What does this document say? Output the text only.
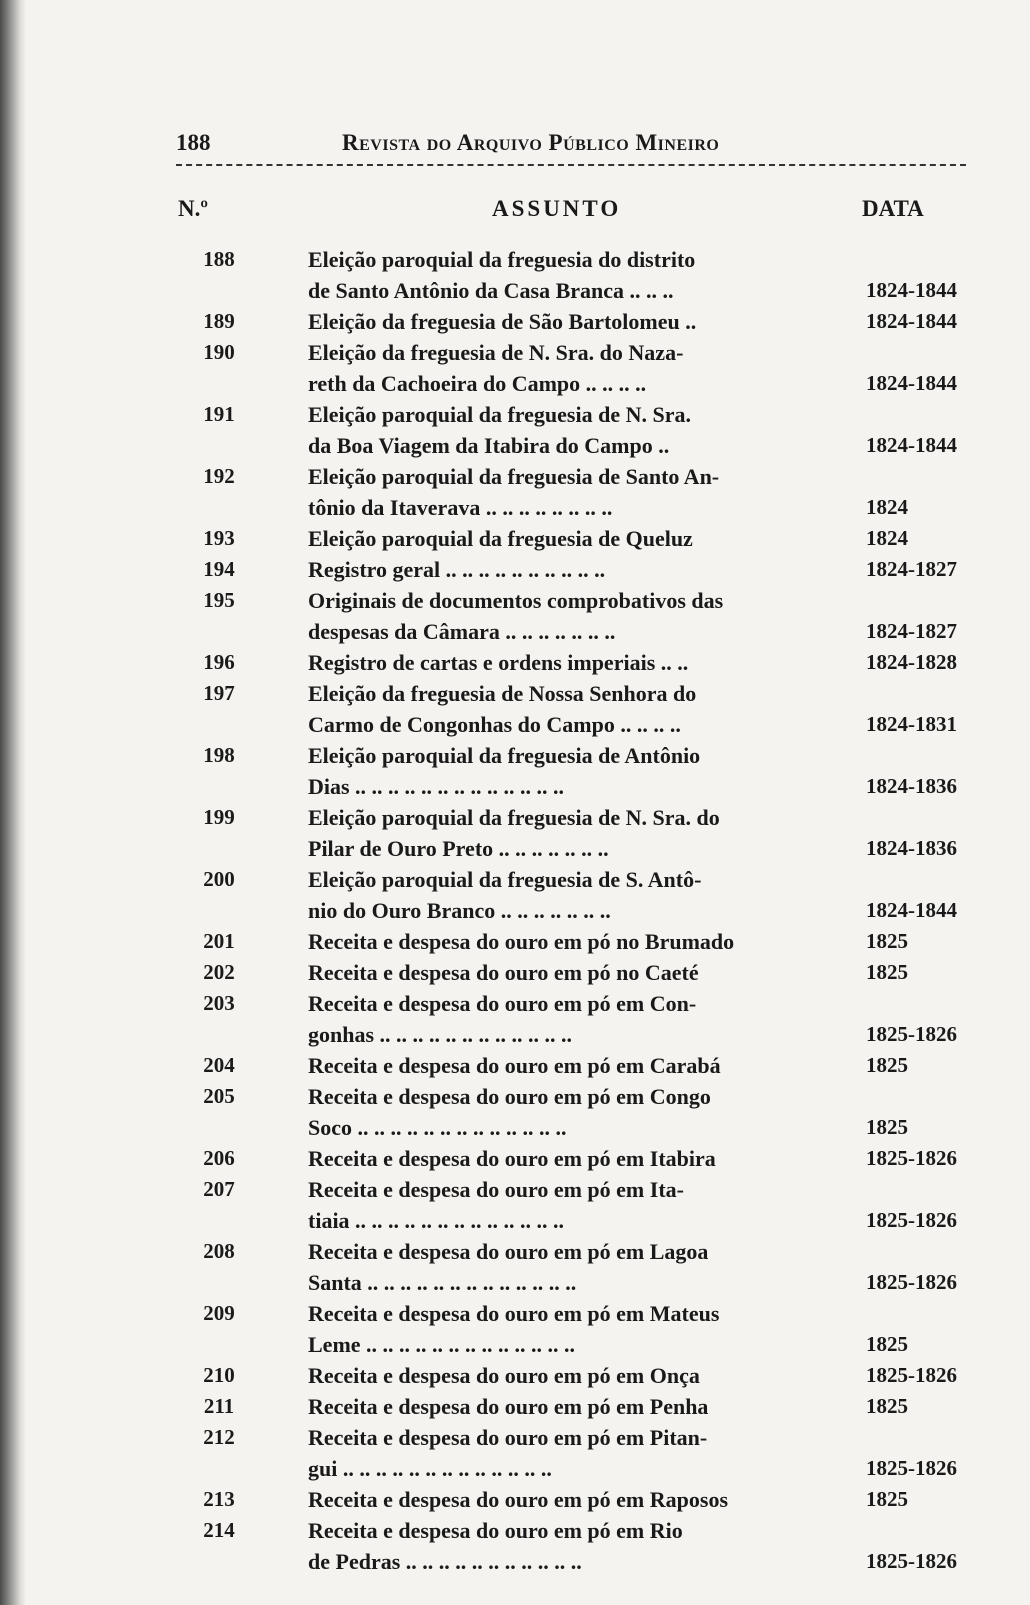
188	Revista do Arquivo Público Mineiro
N.º	ASSUNTO	DATA
188	Eleição paroquial da freguesia do distrito
de Santo Antônio da Casa Branca .. .. ..	1824-1844
189	Eleição da freguesia de São Bartolomeu ..	1824-1844
190	Eleição da freguesia de N. Sra. do Naza-
reth da Cachoeira do Campo .. .. .. ..	1824-1844
191	Eleição paroquial da freguesia de N. Sra.
da Boa Viagem da Itabira do Campo ..	1824-1844
192	Eleição paroquial da freguesia de Santo An-
tônio da Itaverava .. .. .. .. .. .. .. ..	1824
193	Eleição paroquial da freguesia de Queluz	1824
194	Registro geral .. .. .. .. .. .. .. .. .. ..	1824-1827
195	Originais de documentos comprobativos das
despesas da Câmara .. .. .. .. .. .. ..	1824-1827
196	Registro de cartas e ordens imperiais .. ..	1824-1828
197	Eleição da freguesia de Nossa Senhora do
Carmo de Congonhas do Campo .. .. .. ..	1824-1831
198	Eleição paroquial da freguesia de Antônio
Dias .. .. .. .. .. .. .. .. .. .. .. .. ..	1824-1836
199	Eleição paroquial da freguesia de N. Sra. do
Pilar de Ouro Preto .. .. .. .. .. .. ..	1824-1836
200	Eleição paroquial da freguesia de S. Antô-
nio do Ouro Branco .. .. .. .. .. .. ..	1824-1844
201	Receita e despesa do ouro em pó no Brumado	1825
202	Receita e despesa do ouro em pó no Caeté	1825
203	Receita e despesa do ouro em pó em Con-
gonhas .. .. .. .. .. .. .. .. .. .. .. ..	1825-1826
204	Receita e despesa do ouro em pó em Carabá	1825
205	Receita e despesa do ouro em pó em Congo
Soco .. .. .. .. .. .. .. .. .. .. .. .. ..	1825
206	Receita e despesa do ouro em pó em Itabira	1825-1826
207	Receita e despesa do ouro em pó em Ita-
tiaia .. .. .. .. .. .. .. .. .. .. .. .. ..	1825-1826
208	Receita e despesa do ouro em pó em Lagoa
Santa .. .. .. .. .. .. .. .. .. .. .. .. ..	1825-1826
209	Receita e despesa do ouro em pó em Mateus
Leme .. .. .. .. .. .. .. .. .. .. .. .. ..	1825
210	Receita e despesa do ouro em pó em Onça	1825-1826
211	Receita e despesa do ouro em pó em Penha	1825
212	Receita e despesa do ouro em pó em Pitan-
gui .. .. .. .. .. .. .. .. .. .. .. .. ..	1825-1826
213	Receita e despesa do ouro em pó em Raposos	1825
214	Receita e despesa do ouro em pó em Rio
de Pedras .. .. .. .. .. .. .. .. .. .. ..	1825-1826
